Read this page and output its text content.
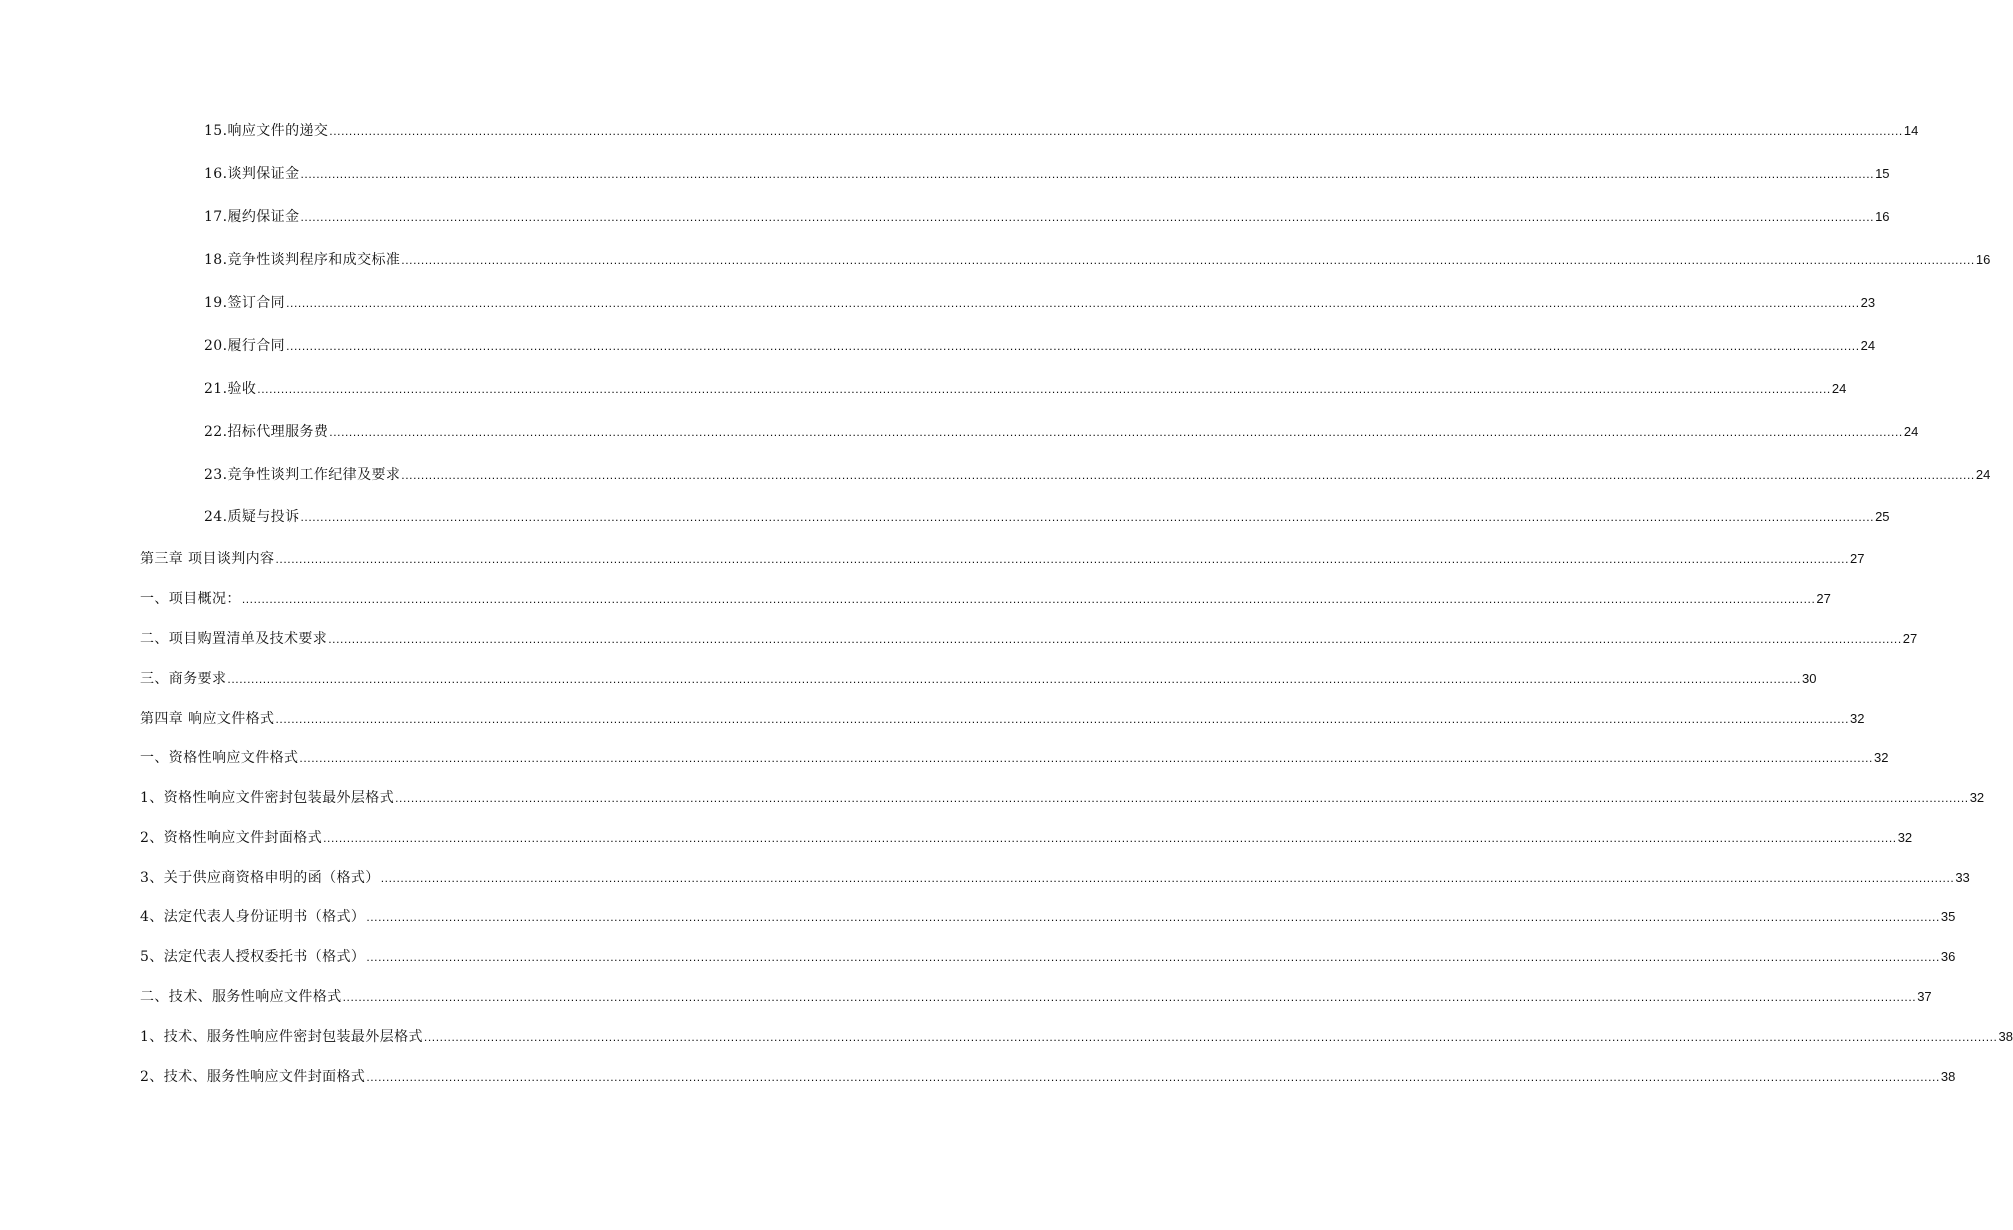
15.响应文件的递交 ................................................................................................................................................................................................................................................................................................................................................................................................................ 14
16.谈判保证金 ................................................................................................................................................................................................................................................................................................................................................................................................................ 15
17.履约保证金 ................................................................................................................................................................................................................................................................................................................................................................................................................ 16
18.竞争性谈判程序和成交标准 ................................................................................................................................................................................................................................................................................................................................................................................................................ 16
19.签订合同 ................................................................................................................................................................................................................................................................................................................................................................................................................ 23
20.履行合同 ................................................................................................................................................................................................................................................................................................................................................................................................................ 24
21.验收 ................................................................................................................................................................................................................................................................................................................................................................................................................ 24
22.招标代理服务费 ................................................................................................................................................................................................................................................................................................................................................................................................................ 24
23.竞争性谈判工作纪律及要求 ................................................................................................................................................................................................................................................................................................................................................................................................................ 24
24.质疑与投诉 ................................................................................................................................................................................................................................................................................................................................................................................................................ 25
第三章 项目谈判内容 ................................................................................................................................................................................................................................................................................................................................................................................................................ 27
一、项目概况： ................................................................................................................................................................................................................................................................................................................................................................................................................ 27
二、项目购置清单及技术要求 ................................................................................................................................................................................................................................................................................................................................................................................................................ 27
三、商务要求 ................................................................................................................................................................................................................................................................................................................................................................................................................ 30
第四章 响应文件格式 ................................................................................................................................................................................................................................................................................................................................................................................................................ 32
一、资格性响应文件格式 ................................................................................................................................................................................................................................................................................................................................................................................................................ 32
1、资格性响应文件密封包装最外层格式 ................................................................................................................................................................................................................................................................................................................................................................................................................ 32
2、资格性响应文件封面格式 ................................................................................................................................................................................................................................................................................................................................................................................................................ 32
3、关于供应商资格申明的函（格式） ................................................................................................................................................................................................................................................................................................................................................................................................................ 33
4、法定代表人身份证明书（格式） ................................................................................................................................................................................................................................................................................................................................................................................................................ 35
5、法定代表人授权委托书（格式） ................................................................................................................................................................................................................................................................................................................................................................................................................ 36
二、技术、服务性响应文件格式 ................................................................................................................................................................................................................................................................................................................................................................................................................ 37
1、技术、服务性响应件密封包装最外层格式 ................................................................................................................................................................................................................................................................................................................................................................................................................ 38
2、技术、服务性响应文件封面格式 ................................................................................................................................................................................................................................................................................................................................................................................................................ 38
